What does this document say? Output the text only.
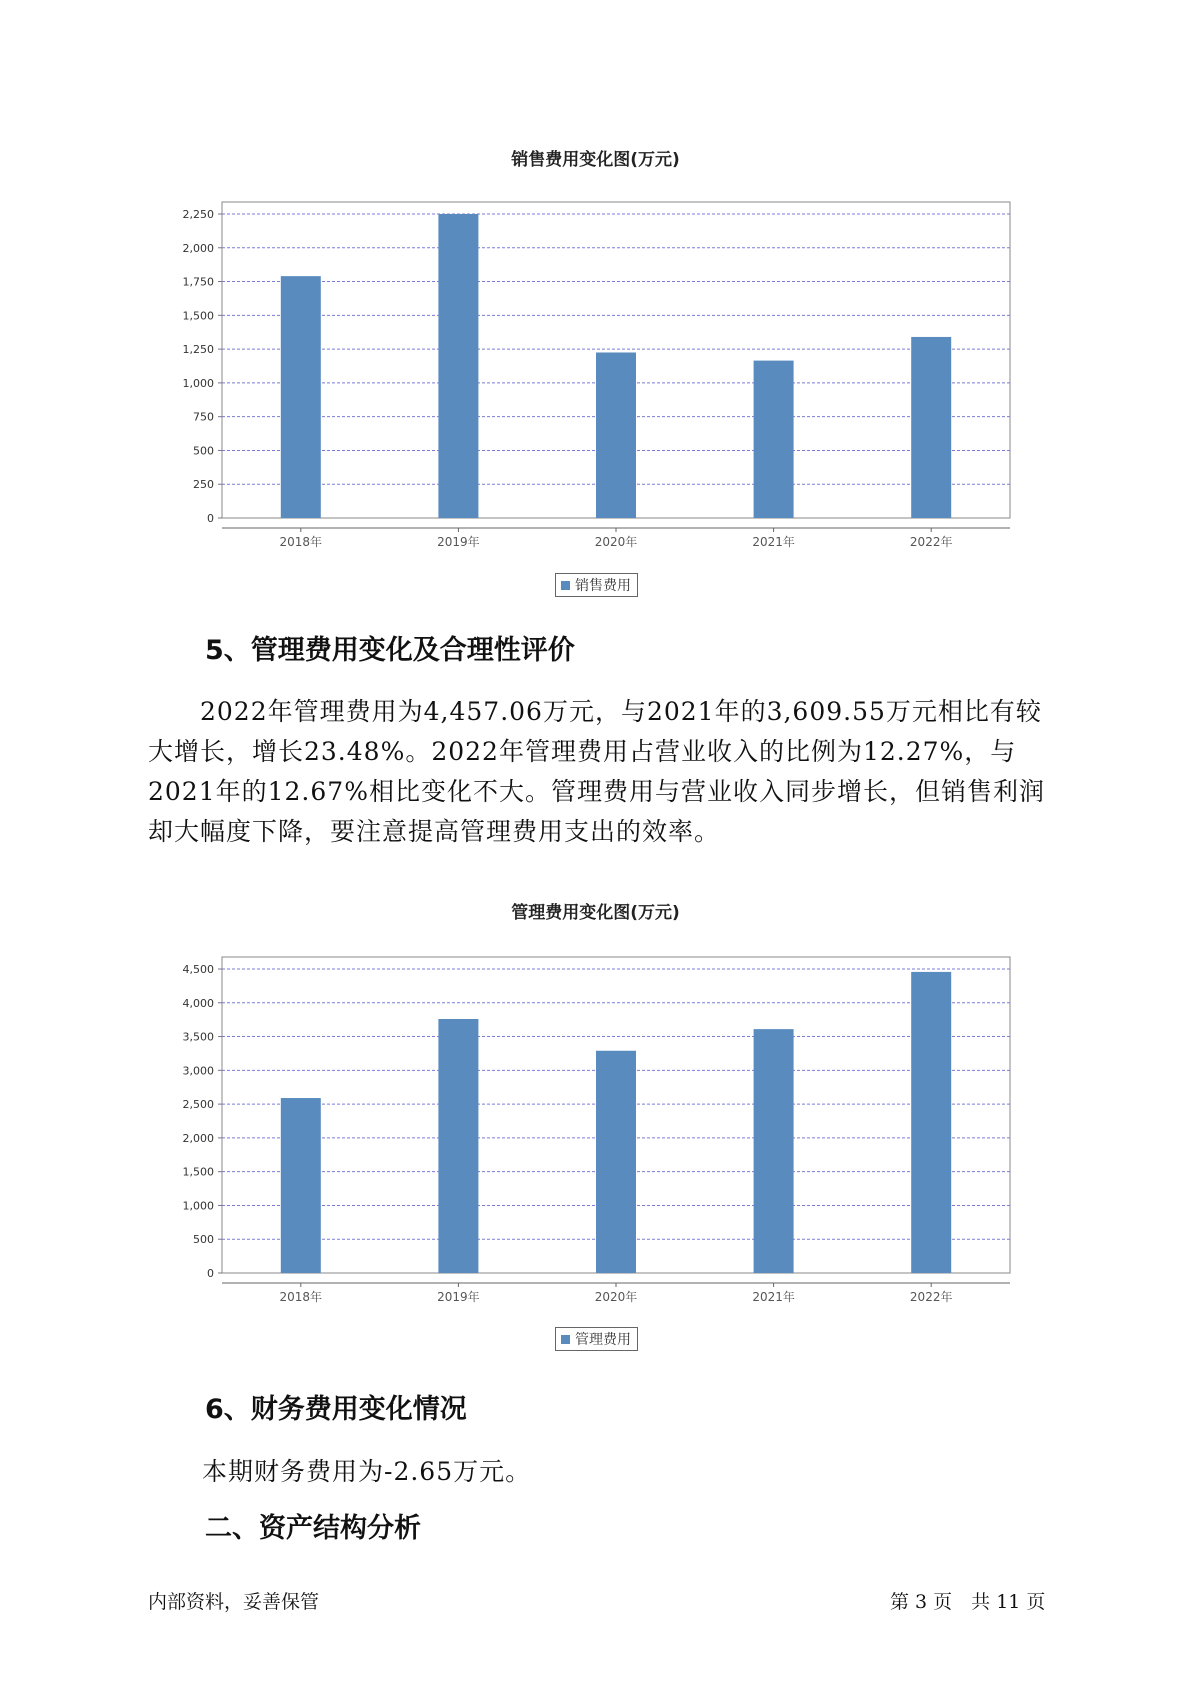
销售费用变化图(万元)
0
250
500
750
1,000
1,250
1,500
1,750
2,000
2,250
2018年	2019年	2020年	2021年	2022年
销售费用
5、管理费用变化及合理性评价
2022年管理费用为4,457.06万元，与2021年的3,609.55万元相比有较大增长，增长23.48%。2022年管理费用占营业收入的比例为12.27%，与2021年的12.67%相比变化不大。管理费用与营业收入同步增长，但销售利润却大幅度下降，要注意提高管理费用支出的效率。
管理费用变化图(万元)
0
500
1,000
1,500
2,000
2,500
3,000
3,500
4,000
4,500
2018年	2019年	2020年	2021年	2022年
管理费用
6、财务费用变化情况
本期财务费用为-2.65万元。
二、资产结构分析
内部资料，妥善保管	第 3 页　共 11 页
